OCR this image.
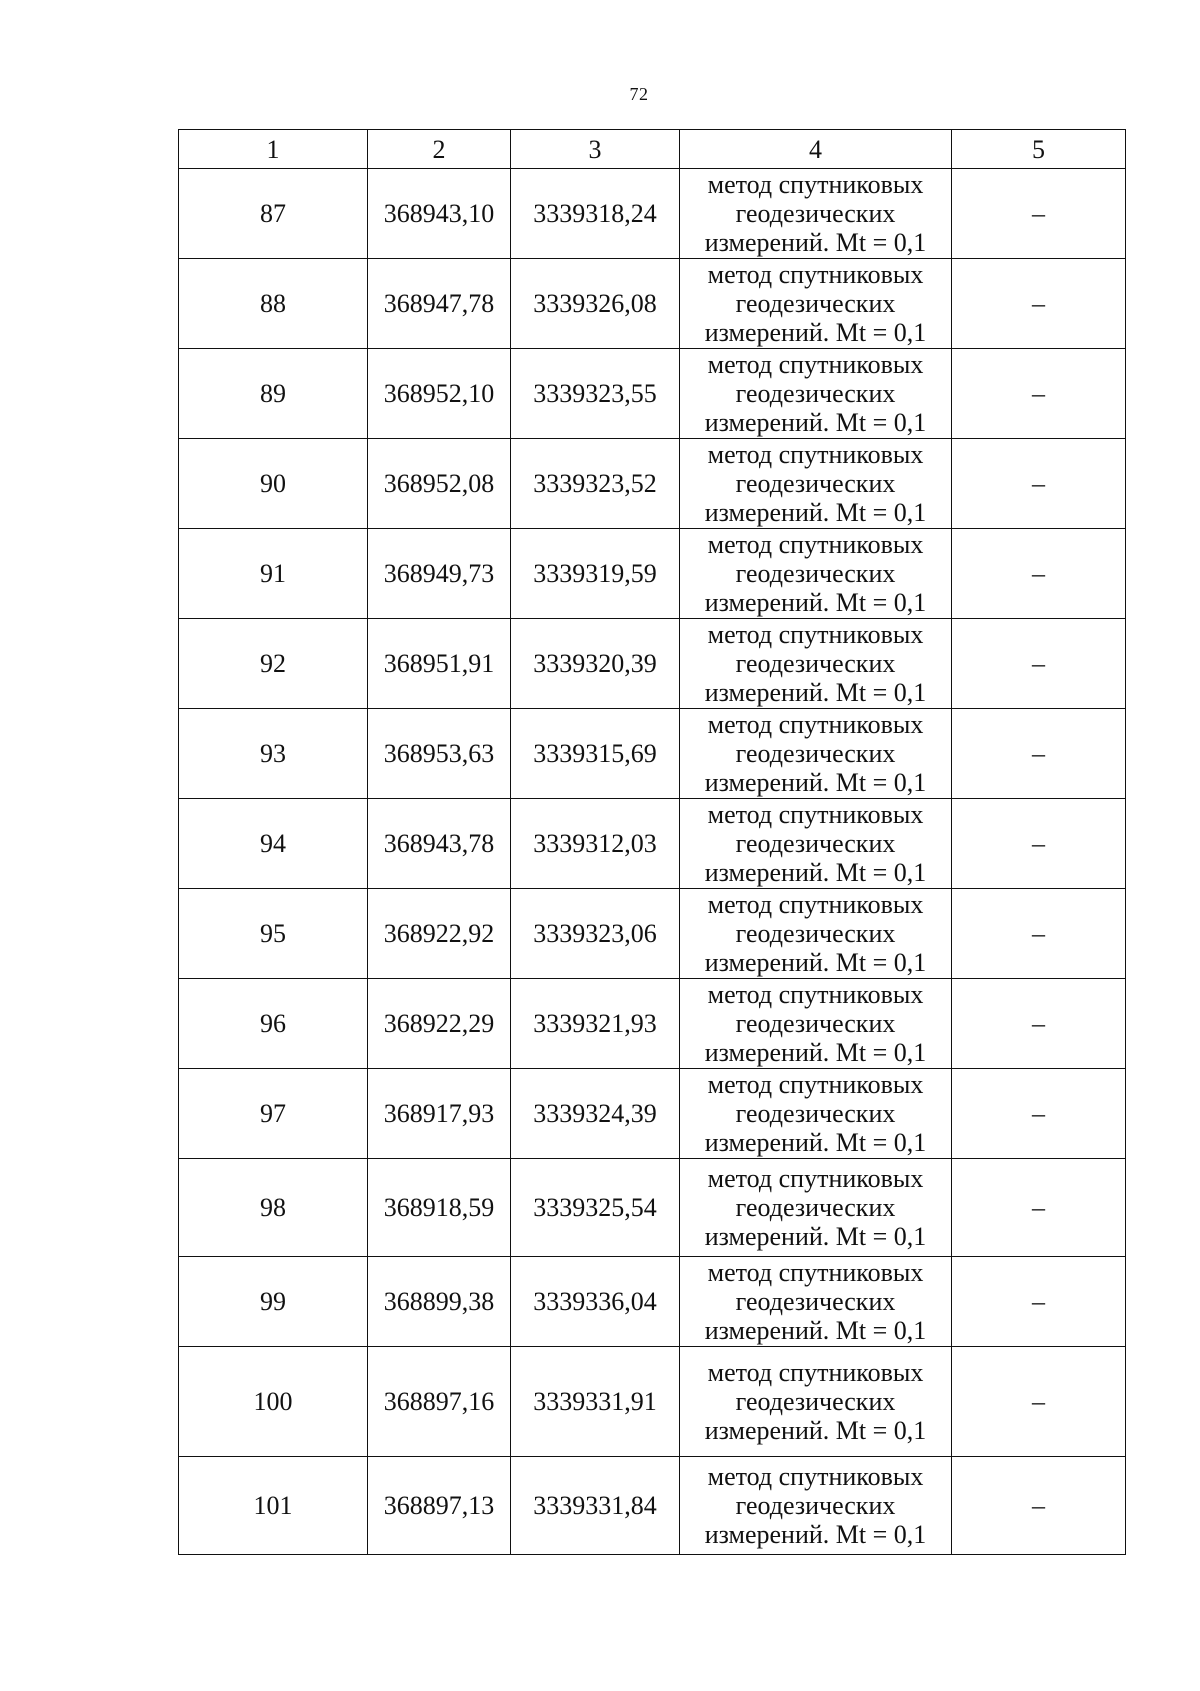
72
1	2	3	4	5
87	368943,10	3339318,24	метод спутниковых геодезических измерений. Mt = 0,1	–
88	368947,78	3339326,08	метод спутниковых геодезических измерений. Mt = 0,1	–
89	368952,10	3339323,55	метод спутниковых геодезических измерений. Mt = 0,1	–
90	368952,08	3339323,52	метод спутниковых геодезических измерений. Mt = 0,1	–
91	368949,73	3339319,59	метод спутниковых геодезических измерений. Mt = 0,1	–
92	368951,91	3339320,39	метод спутниковых геодезических измерений. Mt = 0,1	–
93	368953,63	3339315,69	метод спутниковых геодезических измерений. Mt = 0,1	–
94	368943,78	3339312,03	метод спутниковых геодезических измерений. Mt = 0,1	–
95	368922,92	3339323,06	метод спутниковых геодезических измерений. Mt = 0,1	–
96	368922,29	3339321,93	метод спутниковых геодезических измерений. Mt = 0,1	–
97	368917,93	3339324,39	метод спутниковых геодезических измерений. Mt = 0,1	–
98	368918,59	3339325,54	метод спутниковых геодезических измерений. Mt = 0,1	–
99	368899,38	3339336,04	метод спутниковых геодезических измерений. Mt = 0,1	–
100	368897,16	3339331,91	метод спутниковых геодезических измерений. Mt = 0,1	–
101	368897,13	3339331,84	метод спутниковых геодезических измерений. Mt = 0,1	–
